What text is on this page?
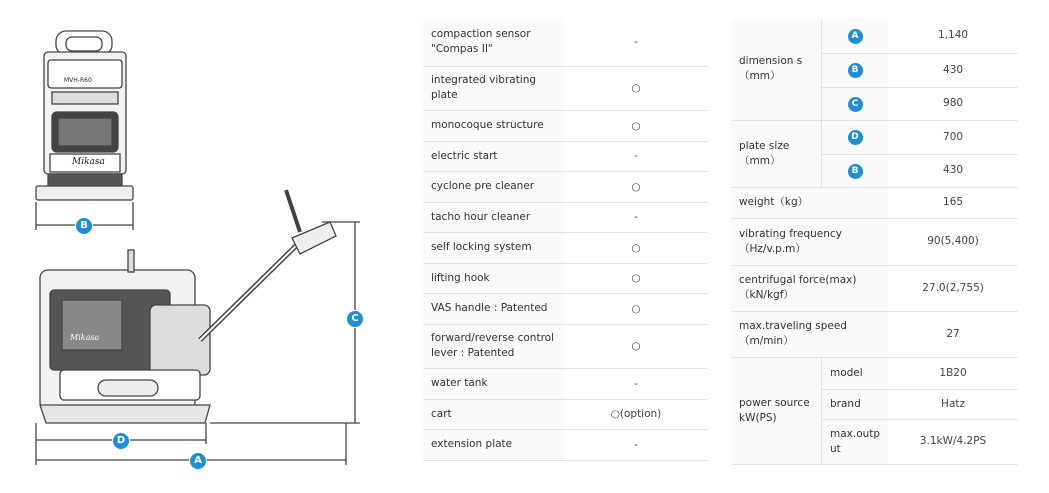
Mikasa
Mikasa
MVH-R60
B
C
D
A
compaction sensor "Compas II"	-
integrated vibrating plate	○
monocoque structure	○
electric start	-
cyclone pre cleaner	○
tacho hour cleaner	-
self locking system	○
lifting hook	○
VAS handle : Patented	○
forward/reverse control lever : Patented	○
water tank	-
cart	○(option)
extension plate	-
dimension s （mm）	A	1,140
	B	430
	C	980
plate size （mm）	D	700
	B	430
weight（kg）		165
vibrating frequency （Hz/v.p.m）		90(5,400)
centrifugal force(max) （kN/kgf）		27.0(2,755)
max.traveling speed （m/min）		27
power source kW(PS)	model	1B20
	brand	Hatz
	max.outp ut	3.1kW/4.2PS
